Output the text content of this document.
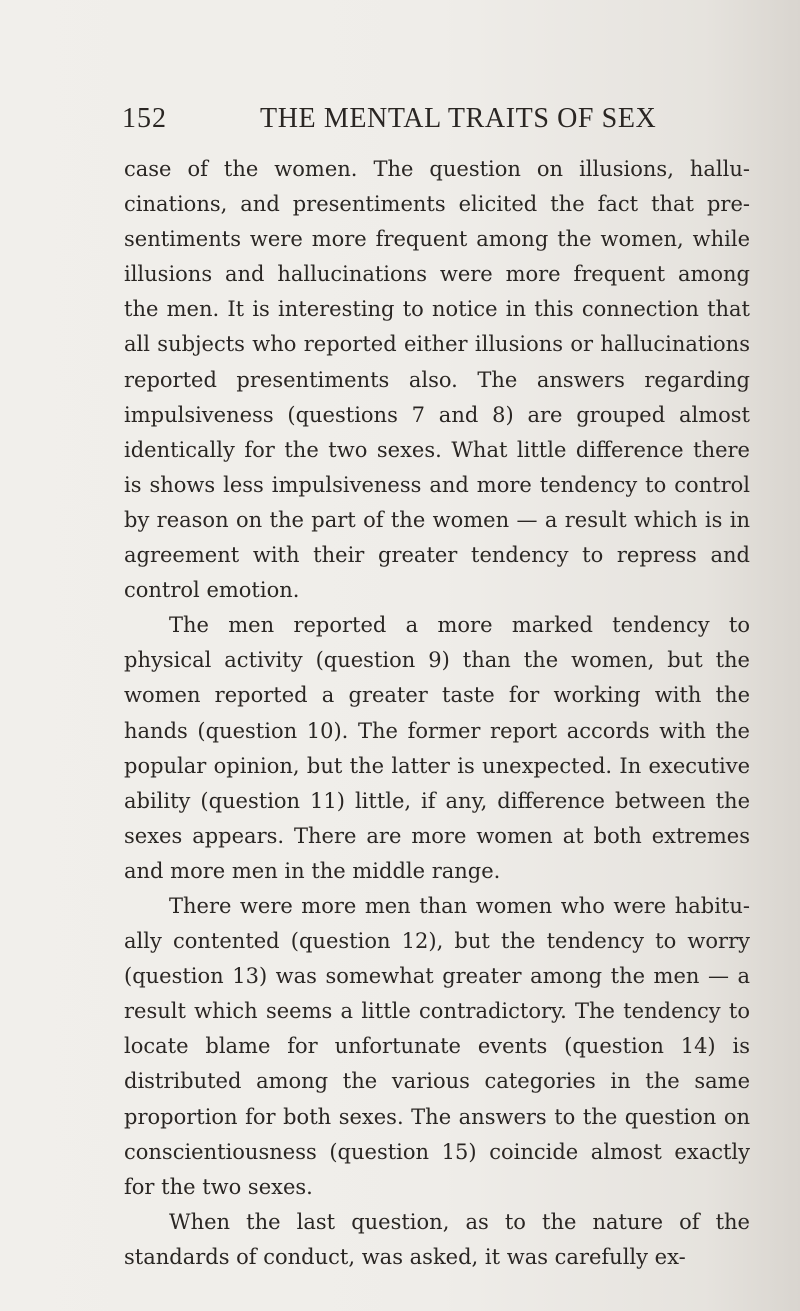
152	THE MENTAL TRAITS OF SEX

case of the women. The question on illusions, hallucinations, and presentiments elicited the fact that presentiments were more frequent among the women, while illusions and hallucinations were more frequent among the men. It is interesting to notice in this connection that all subjects who reported either illusions or hallucinations reported presentiments also. The answers regarding impulsiveness (questions 7 and 8) are grouped almost identically for the two sexes. What little difference there is shows less impulsiveness and more tendency to control by reason on the part of the women — a result which is in agreement with their greater tendency to repress and control emotion.

The men reported a more marked tendency to physical activity (question 9) than the women, but the women reported a greater taste for working with the hands (question 10). The former report accords with the popular opinion, but the latter is unexpected. In executive ability (question 11) little, if any, difference between the sexes appears. There are more women at both extremes and more men in the middle range.

There were more men than women who were habitually contented (question 12), but the tendency to worry (question 13) was somewhat greater among the men — a result which seems a little contradictory. The tendency to locate blame for unfortunate events (question 14) is distributed among the various categories in the same proportion for both sexes. The answers to the question on conscientiousness (question 15) coincide almost exactly for the two sexes.

When the last question, as to the nature of the standards of conduct, was asked, it was carefully ex-
